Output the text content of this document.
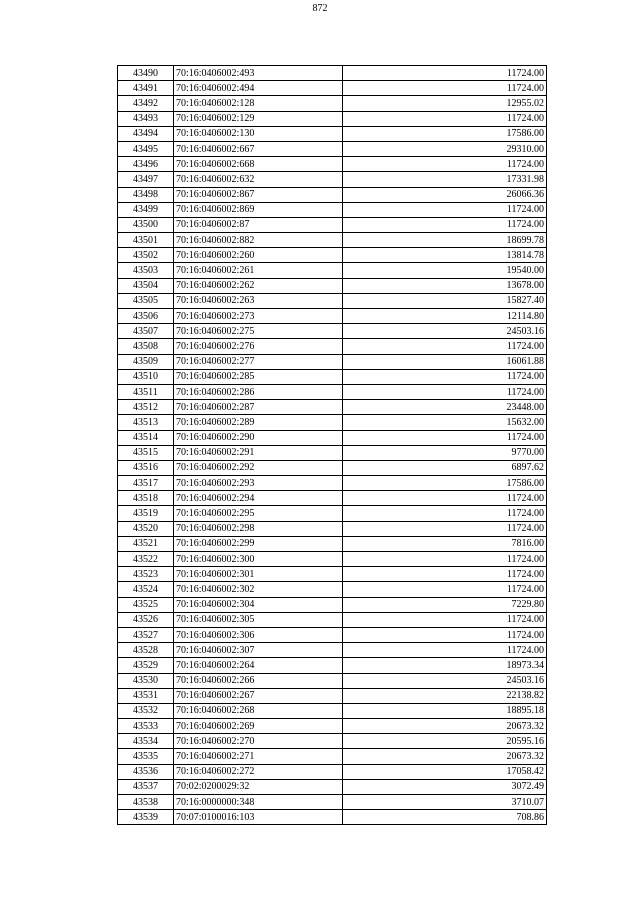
872
43490	70:16:0406002:493	11724.00
43491	70:16:0406002:494	11724.00
43492	70:16:0406002:128	12955.02
43493	70:16:0406002:129	11724.00
43494	70:16:0406002:130	17586.00
43495	70:16:0406002:667	29310.00
43496	70:16:0406002:668	11724.00
43497	70:16:0406002:632	17331.98
43498	70:16:0406002:867	26066.36
43499	70:16:0406002:869	11724.00
43500	70:16:0406002:87	11724.00
43501	70:16:0406002:882	18699.78
43502	70:16:0406002:260	13814.78
43503	70:16:0406002:261	19540.00
43504	70:16:0406002:262	13678.00
43505	70:16:0406002:263	15827.40
43506	70:16:0406002:273	12114.80
43507	70:16:0406002:275	24503.16
43508	70:16:0406002:276	11724.00
43509	70:16:0406002:277	16061.88
43510	70:16:0406002:285	11724.00
43511	70:16:0406002:286	11724.00
43512	70:16:0406002:287	23448.00
43513	70:16:0406002:289	15632.00
43514	70:16:0406002:290	11724.00
43515	70:16:0406002:291	9770.00
43516	70:16:0406002:292	6897.62
43517	70:16:0406002:293	17586.00
43518	70:16:0406002:294	11724.00
43519	70:16:0406002:295	11724.00
43520	70:16:0406002:298	11724.00
43521	70:16:0406002:299	7816.00
43522	70:16:0406002:300	11724.00
43523	70:16:0406002:301	11724.00
43524	70:16:0406002:302	11724.00
43525	70:16:0406002:304	7229.80
43526	70:16:0406002:305	11724.00
43527	70:16:0406002:306	11724.00
43528	70:16:0406002:307	11724.00
43529	70:16:0406002:264	18973.34
43530	70:16:0406002:266	24503.16
43531	70:16:0406002:267	22138.82
43532	70:16:0406002:268	18895.18
43533	70:16:0406002:269	20673.32
43534	70:16:0406002:270	20595.16
43535	70:16:0406002:271	20673.32
43536	70:16:0406002:272	17058.42
43537	70:02:0200029:32	3072.49
43538	70:16:0000000:348	3710.07
43539	70:07:0100016:103	708.86
